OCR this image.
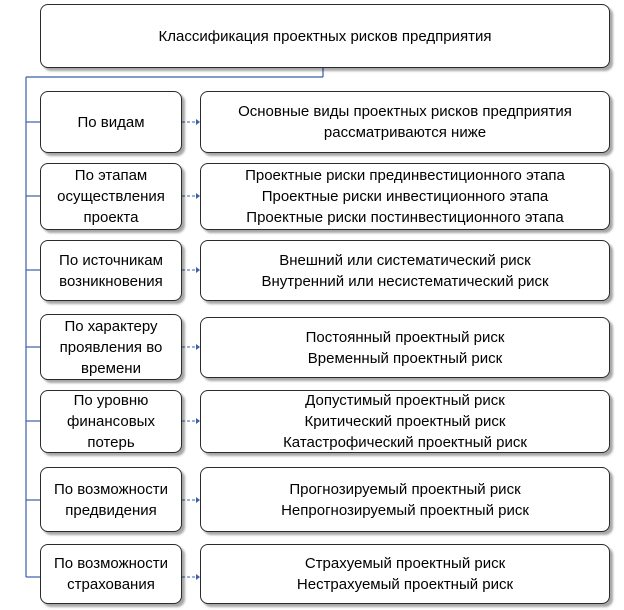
Классификация проектных рисков предприятия
По видам
Основные виды проектных рисков предприятия
рассматриваются ниже
По этапам
осуществления
проекта
Проектные риски прединвестиционного этапа
Проектные риски инвестиционного этапа
Проектные риски постинвестиционного этапа
По источникам
возникновения
Внешний или систематический риск
Внутренний или несистематический риск
По характеру
проявления во
времени
Постоянный проектный риск
Временный проектный риск
По уровню
финансовых
потерь
Допустимый проектный риск
Критический проектный риск
Катастрофический проектный риск
По возможности
предвидения
Прогнозируемый проектный риск
Непрогнозируемый проектный риск
По возможности
страхования
Страхуемый проектный риск
Нестрахуемый проектный риск
